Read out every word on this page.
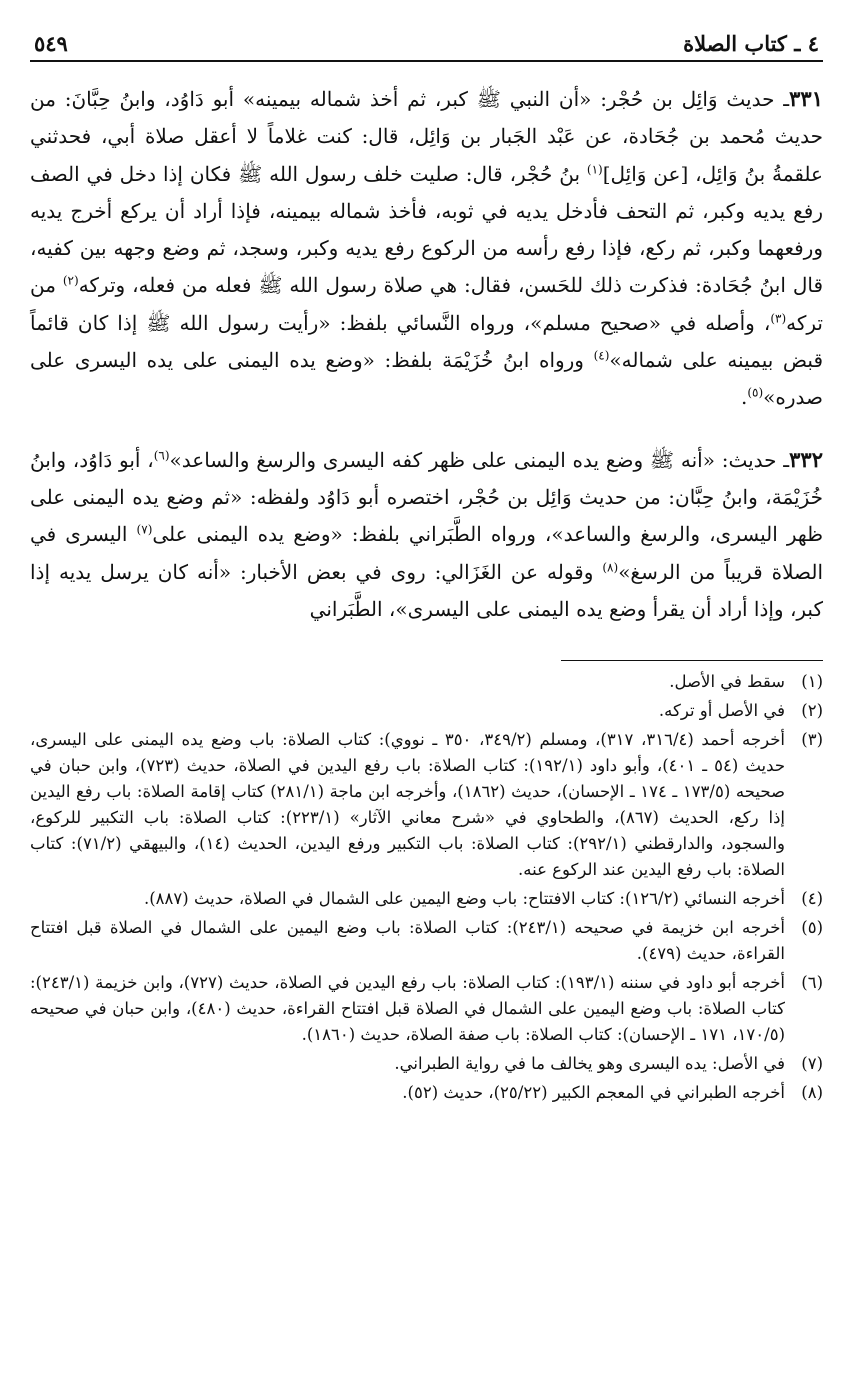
٤ ـ كتاب الصلاة
٥٤٩

٣٣١ـ حديث وَائِل بن حُجْر: «أن النبي ﷺ كبر، ثم أخذ شماله بيمينه» أبو دَاوُد، وابنُ حِبَّانَ: من حديث مُحمد بن جُحَادة، عن عَبْد الجَبار بن وَائِل، قال: كنت غلاماً لا أعقل صلاة أبي، فحدثني علقمةُ بنُ وَائِل، [عن وَائِل]$^{(١)}$ بنُ حُجْر، قال: صليت خلف رسول الله ﷺ فكان إذا دخل في الصف رفع يديه وكبر، ثم التحف فأدخل يديه في ثوبه، فأخذ شماله بيمينه، فإذا أراد أن يركع أخرج يديه ورفعهما وكبر، ثم ركع، فإذا رفع رأسه من الركوع رفع يديه وكبر، وسجد، ثم وضع وجهه بين كفيه، قال ابنُ جُحَادة: فذكرت ذلك للحَسن، فقال: هي صلاة رسول الله ﷺ فعله من فعله، وتركه$^{(٢)}$ من تركه$^{(٣)}$، وأصله في «صحيح مسلم»، ورواه النَّسائي بلفظ: «رأيت رسول الله ﷺ إذا كان قائماً قبض بيمينه على شماله»$^{(٤)}$ ورواه ابنُ خُزَيْمَة بلفظ: «وضع يده اليمنى على يده اليسرى على صدره»$^{(٥)}$.

٣٣٢ـ حديث: «أنه ﷺ وضع يده اليمنى على ظهر كفه اليسرى والرسغ والساعد»$^{(٦)}$، أبو دَاوُد، وابنُ خُزَيْمَة، وابنُ حِبَّان: من حديث وَائِل بن حُجْر، اختصره أبو دَاوُد ولفظه: «ثم وضع يده اليمنى على ظهر اليسرى، والرسغ والساعد»، ورواه الطَّبَراني بلفظ: «وضع يده اليمنى على$^{(٧)}$ اليسرى في الصلاة قريباً من الرسغ»$^{(٨)}$ وقوله عن الغَزَالي: روى في بعض الأخبار: «أنه كان يرسل يديه إذا كبر، وإذا أراد أن يقرأ وضع يده اليمنى على اليسرى»، الطَّبَراني

(١)
سقط في الأصل.
(٢)
في الأصل أو تركه.
(٣)
أخرجه أحمد (٣١٦/٤، ٣١٧)، ومسلم (٣٤٩/٢، ٣٥٠ ـ نووي): كتاب الصلاة: باب وضع يده اليمنى على اليسرى، حديث (٥٤ ـ ٤٠١)، وأبو داود (١٩٢/١): كتاب الصلاة: باب رفع اليدين في الصلاة، حديث (٧٢٣)، وابن حبان في صحيحه (١٧٣/٥ ـ ١٧٤ ـ الإحسان)، حديث (١٨٦٢)، وأخرجه ابن ماجة (٢٨١/١) كتاب إقامة الصلاة: باب رفع اليدين إذا ركع، الحديث (٨٦٧)، والطحاوي في «شرح معاني الآثار» (٢٢٣/١): كتاب الصلاة: باب التكبير للركوع، والسجود، والدارقطني (٢٩٢/١): كتاب الصلاة: باب التكبير ورفع اليدين، الحديث (١٤)، والبيهقي (٧١/٢): كتاب الصلاة: باب رفع اليدين عند الركوع عنه.
(٤)
أخرجه النسائي (١٢٦/٢): كتاب الافتتاح: باب وضع اليمين على الشمال في الصلاة، حديث (٨٨٧).
(٥)
أخرجه ابن خزيمة في صحيحه (٢٤٣/١): كتاب الصلاة: باب وضع اليمين على الشمال في الصلاة قبل افتتاح القراءة، حديث (٤٧٩).
(٦)
أخرجه أبو داود في سننه (١٩٣/١): كتاب الصلاة: باب رفع اليدين في الصلاة، حديث (٧٢٧)، وابن خزيمة (٢٤٣/١): كتاب الصلاة: باب وضع اليمين على الشمال في الصلاة قبل افتتاح القراءة، حديث (٤٨٠)، وابن حبان في صحيحه (١٧٠/٥، ١٧١ ـ الإحسان): كتاب الصلاة: باب صفة الصلاة، حديث (١٨٦٠).
(٧)
في الأصل: يده اليسرى وهو يخالف ما في رواية الطبراني.
(٨)
أخرجه الطبراني في المعجم الكبير (٢٥/٢٢)، حديث (٥٢).
